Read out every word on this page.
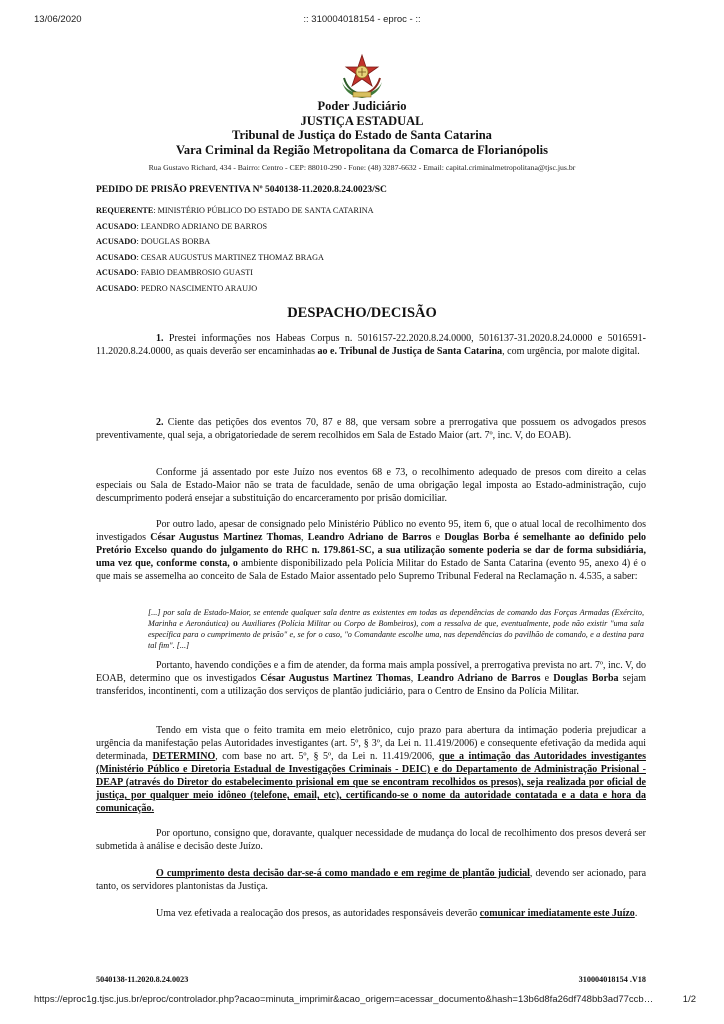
13/06/2020	:: 310004018154 - eproc - ::
Poder Judiciário
JUSTIÇA ESTADUAL
Tribunal de Justiça do Estado de Santa Catarina
Vara Criminal da Região Metropolitana da Comarca de Florianópolis
Rua Gustavo Richard, 434 - Bairro: Centro - CEP: 88010-290 - Fone: (48) 3287-6632 - Email: capital.criminalmetropolitana@tjsc.jus.br
PEDIDO DE PRISÃO PREVENTIVA Nº 5040138-11.2020.8.24.0023/SC
REQUERENTE: MINISTÉRIO PÚBLICO DO ESTADO DE SANTA CATARINA
ACUSADO: LEANDRO ADRIANO DE BARROS
ACUSADO: DOUGLAS BORBA
ACUSADO: CESAR AUGUSTUS MARTINEZ THOMAZ BRAGA
ACUSADO: FABIO DEAMBROSIO GUASTI
ACUSADO: PEDRO NASCIMENTO ARAUJO
DESPACHO/DECISÃO

1. Prestei informações nos Habeas Corpus n. 5016157-22.2020.8.24.0000, 5016137-31.2020.8.24.0000 e 5016591-11.2020.8.24.0000, as quais deverão ser encaminhadas ao e. Tribunal de Justiça de Santa Catarina, com urgência, por malote digital.

2. Ciente das petições dos eventos 70, 87 e 88, que versam sobre a prerrogativa que possuem os advogados presos preventivamente, qual seja, a obrigatoriedade de serem recolhidos em Sala de Estado Maior (art. 7º, inc. V, do EOAB).

Conforme já assentado por este Juízo nos eventos 68 e 73, o recolhimento adequado de presos com direito a celas especiais ou Sala de Estado-Maior não se trata de faculdade, senão de uma obrigação legal imposta ao Estado-administração, cujo descumprimento poderá ensejar a substituição do encarceramento por prisão domiciliar.

Por outro lado, apesar de consignado pelo Ministério Público no evento 95, item 6, que o atual local de recolhimento dos investigados César Augustus Martinez Thomas, Leandro Adriano de Barros e Douglas Borba é semelhante ao definido pelo Pretório Excelso quando do julgamento do RHC n. 179.861-SC, a sua utilização somente poderia se dar de forma subsidiária, uma vez que, conforme consta, o ambiente disponibilizado pela Polícia Militar do Estado de Santa Catarina (evento 95, anexo 4) é o que mais se assemelha ao conceito de Sala de Estado Maior assentado pelo Supremo Tribunal Federal na Reclamação n. 4.535, a saber:

[...] por sala de Estado-Maior, se entende qualquer sala dentre as existentes em todas as dependências de comando das Forças Armadas (Exército, Marinha e Aeronáutica) ou Auxiliares (Polícia Militar ou Corpo de Bombeiros), com a ressalva de que, eventualmente, pode não existir "uma sala específica para o cumprimento de prisão" e, se for o caso, "o Comandante escolhe uma, nas dependências do pavilhão de comando, e a destina para tal fim". [...]

Portanto, havendo condições e a fim de atender, da forma mais ampla possível, a prerrogativa prevista no art. 7º, inc. V, do EOAB, determino que os investigados César Augustus Martinez Thomas, Leandro Adriano de Barros e Douglas Borba sejam transferidos, incontinenti, com a utilização dos serviços de plantão judiciário, para o Centro de Ensino da Polícia Militar.

Tendo em vista que o feito tramita em meio eletrônico, cujo prazo para abertura da intimação poderia prejudicar a urgência da manifestação pelas Autoridades investigantes (art. 5º, § 3º, da Lei n. 11.419/2006) e consequente efetivação da medida aqui determinada, DETERMINO, com base no art. 5º, § 5º, da Lei n. 11.419/2006, que a intimação das Autoridades investigantes (Ministério Público e Diretoria Estadual de Investigações Criminais - DEIC) e do Departamento de Administração Prisional - DEAP (através do Diretor do estabelecimento prisional em que se encontram recolhidos os presos), seja realizada por oficial de justiça, por qualquer meio idôneo (telefone, email, etc), certificando-se o nome da autoridade contatada e a data e hora da comunicação.

Por oportuno, consigno que, doravante, qualquer necessidade de mudança do local de recolhimento dos presos deverá ser submetida à análise e decisão deste Juízo.

O cumprimento desta decisão dar-se-á como mandado e em regime de plantão judicial, devendo ser acionado, para tanto, os servidores plantonistas da Justiça.

Uma vez efetivada a realocação dos presos, as autoridades responsáveis deverão comunicar imediatamente este Juízo.

5040138-11.2020.8.24.0023	310004018154 .V18
https://eproc1g.tjsc.jus.br/eproc/controlador.php?acao=minuta_imprimir&acao_origem=acessar_documento&hash=13b6d8fa26df748bb3ad77ccb…	1/2
